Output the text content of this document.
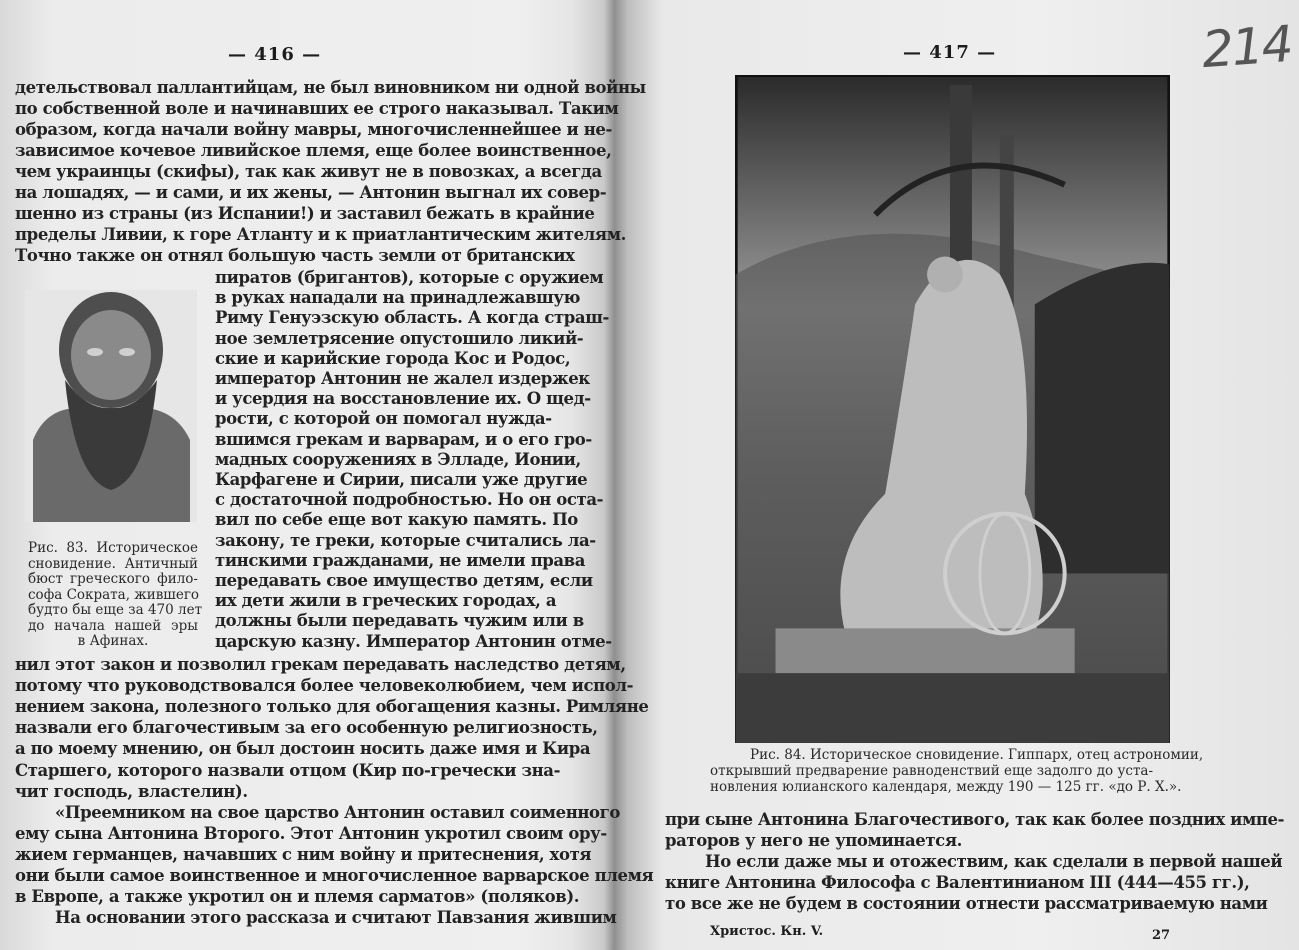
— 416 —	— 417 —	214
детельствовал паллантийцам, не был виновником ни одной войны
по собственной воле и начинавших ее строго наказывал. Таким
образом, когда начали войну мавры, многочисленнейшее и не-
зависимое кочевое ливийское племя, еще более воинственное,
чем украинцы (скифы), так как живут не в повозках, а всегда
на лошадях, — и сами, и их жены, — Антонин выгнал их совер-
шенно из страны (из Испании!) и заставил бежать в крайние
пределы Ливии, к горе Атланту и к приатлантическим жителям.
Точно также он отнял большую часть земли от британских
пиратов (бригантов), которые с оружием
в руках нападали на принадлежавшую
Риму Генуэзскую область. А когда страш-
ное землетрясение опустошило ликий-
ские и карийские города Кос и Родос,
император Антонин не жалел издержек
и усердия на восстановление их. О щед-
рости, с которой он помогал нужда-
вшимся грекам и варварам, и о его гро-
мадных сооружениях в Элладе, Ионии,
Карфагене и Сирии, писали уже другие
с достаточной подробностью. Но он оста-
вил по себе еще вот какую память. По
закону, те греки, которые считались ла-
тинскими гражданами, не имели права
передавать свое имущество детям, если
их дети жили в греческих городах, а
должны были передавать чужим или в
царскую казну. Император Антонин отме-
Рис. 83. Историческое
сновидение. Античный
бюст греческого фило-
софа Сократа, жившего
будто бы еще за 470 лет
до начала нашей эры
в Афинах.
нил этот закон и позволил грекам передавать наследство детям,
потому что руководствовался более человеколюбием, чем испол-
нением закона, полезного только для обогащения казны. Римляне
назвали его благочестивым за его особенную религиозность,
а по моему мнению, он был достоин носить даже имя и Кира
Старшего, которого назвали отцом (Кир по-гречески зна-
чит господь, властелин).
«Преемником на свое царство Антонин оставил соименного
ему сына Антонина Второго. Этот Антонин укротил своим ору-
жием германцев, начавших с ним войну и притеснения, хотя
они были самое воинственное и многочисленное варварское племя
в Европе, а также укротил он и племя сарматов» (поляков).
На основании этого рассказа и считают Павзания жившим
Рис. 84. Историческое сновидение. Гиппарх, отец астрономии,
открывший предварение равноденствий еще задолго до уста-
новления юлианского календаря, между 190 — 125 гг. «до Р. Х.».
при сыне Антонина Благочестивого, так как более поздних импе-
раторов у него не упоминается.
Но если даже мы и отожествим, как сделали в первой нашей
книге Антонина Философа с Валентинианом III (444—455 гг.),
то все же не будем в состоянии отнести рассматриваемую нами
Христос. Кн. V.	27
